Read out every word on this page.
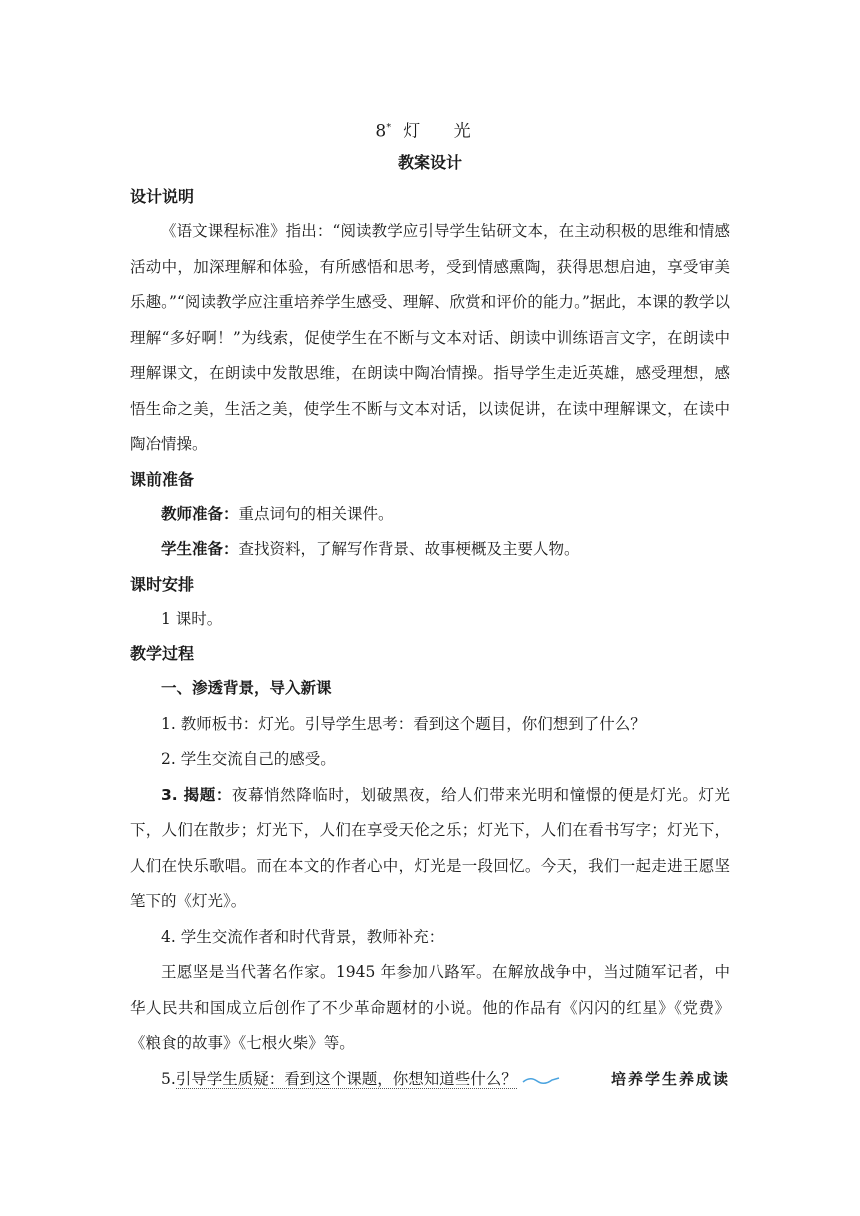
8* 灯 光
教案设计
设计说明

《语文课程标准》指出：“阅读教学应引导学生钻研文本，在主动积极的思维和情感活动中，加深理解和体验，有所感悟和思考，受到情感熏陶，获得思想启迪，享受审美乐趣。”“阅读教学应注重培养学生感受、理解、欣赏和评价的能力。”据此，本课的教学以理解“多好啊！”为线索，促使学生在不断与文本对话、朗读中训练语言文字，在朗读中理解课文，在朗读中发散思维，在朗读中陶冶情操。指导学生走近英雄，感受理想，感悟生命之美，生活之美，使学生不断与文本对话，以读促讲，在读中理解课文，在读中陶冶情操。

课前准备

教师准备：重点词句的相关课件。

学生准备：查找资料，了解写作背景、故事梗概及主要人物。

课时安排

1 课时。

教学过程

一、渗透背景，导入新课

1. 教师板书：灯光。引导学生思考：看到这个题目，你们想到了什么？

2. 学生交流自己的感受。

3. 揭题：夜幕悄然降临时，划破黑夜，给人们带来光明和憧憬的便是灯光。灯光下，人们在散步；灯光下，人们在享受天伦之乐；灯光下，人们在看书写字；灯光下，人们在快乐歌唱。而在本文的作者心中，灯光是一段回忆。今天，我们一起走进王愿坚笔下的《灯光》。

4. 学生交流作者和时代背景，教师补充：

王愿坚是当代著名作家。1945 年参加八路军。在解放战争中，当过随军记者，中华人民共和国成立后创作了不少革命题材的小说。他的作品有《闪闪的红星》《党费》《粮食的故事》《七根火柴》等。

5.引导学生质疑：看到这个课题，你想知道些什么？	培养学生养成读
